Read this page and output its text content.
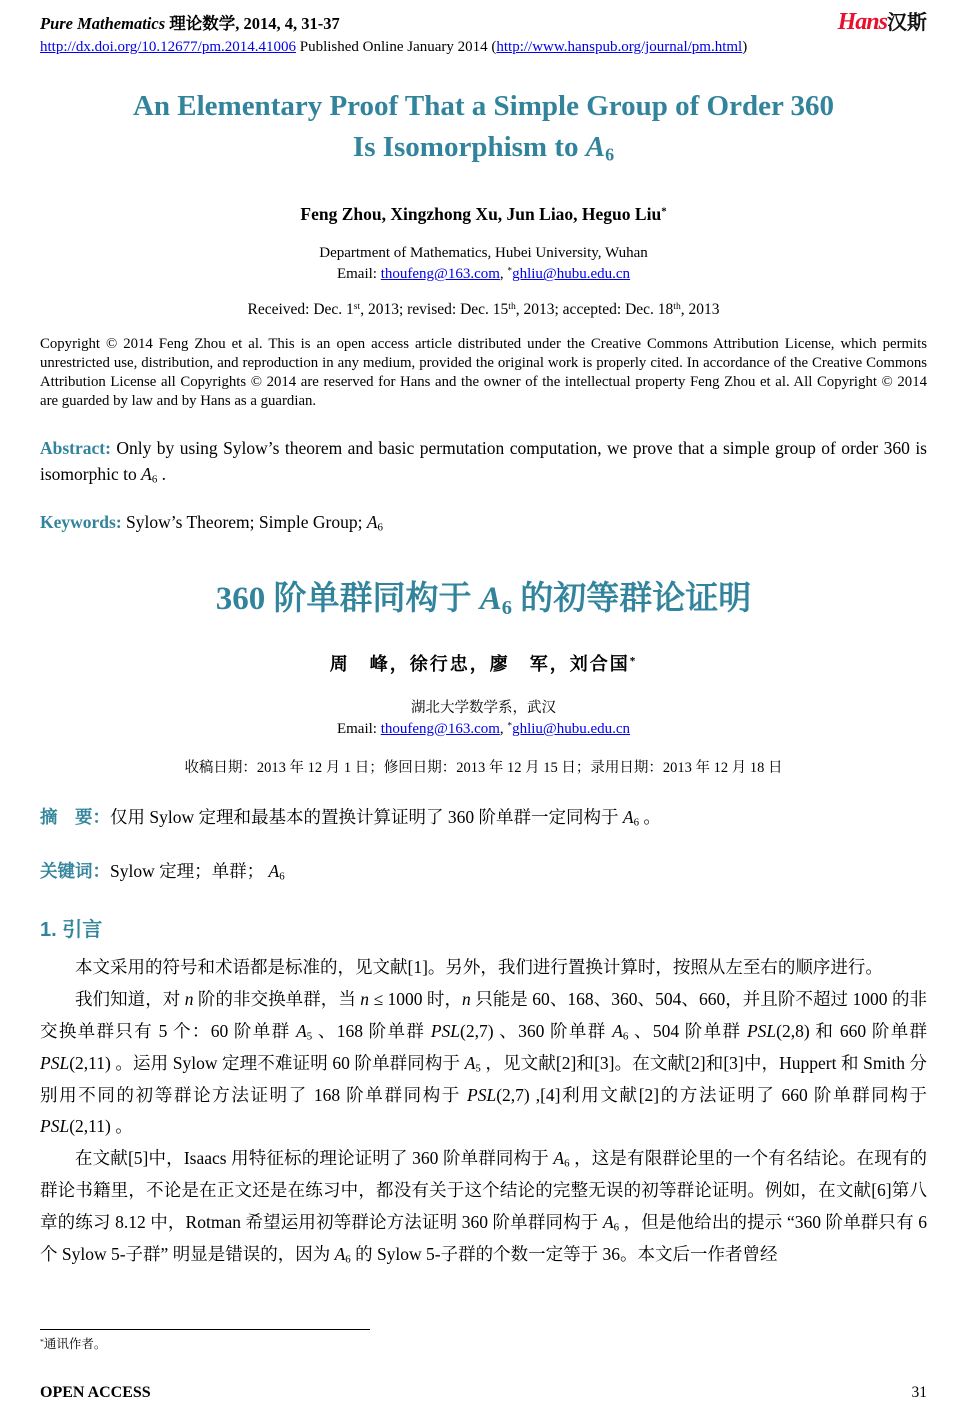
Pure Mathematics 理论数学, 2014, 4, 31-37
http://dx.doi.org/10.12677/pm.2014.41006 Published Online January 2014 (http://www.hanspub.org/journal/pm.html)
Hans汉斯
An Elementary Proof That a Simple Group of Order 360
Is Isomorphism to A6
Feng Zhou, Xingzhong Xu, Jun Liao, Heguo Liu*
Department of Mathematics, Hubei University, Wuhan
Email: thoufeng@163.com, *ghliu@hubu.edu.cn
Received: Dec. 1st, 2013; revised: Dec. 15th, 2013; accepted: Dec. 18th, 2013
Copyright © 2014 Feng Zhou et al. This is an open access article distributed under the Creative Commons Attribution License, which permits unrestricted use, distribution, and reproduction in any medium, provided the original work is properly cited. In accordance of the Creative Commons Attribution License all Copyrights © 2014 are reserved for Hans and the owner of the intellectual property Feng Zhou et al. All Copyright © 2014 are guarded by law and by Hans as a guardian.
Abstract: Only by using Sylow’s theorem and basic permutation computation, we prove that a simple group of order 360 is isomorphic to A6 .
Keywords: Sylow’s Theorem; Simple Group; A6
360 阶单群同构于 A6 的初等群论证明
周　峰，徐行忠，廖　军，刘合国*
湖北大学数学系，武汉
Email: thoufeng@163.com, *ghliu@hubu.edu.cn
收稿日期：2013 年 12 月 1 日；修回日期：2013 年 12 月 15 日；录用日期：2013 年 12 月 18 日
摘　要：仅用 Sylow 定理和最基本的置换计算证明了 360 阶单群一定同构于 A6 。
关键词：Sylow 定理；单群； A6
1. 引言

本文采用的符号和术语都是标准的，见文献[1]。另外，我们进行置换计算时，按照从左至右的顺序进行。

我们知道，对 n 阶的非交换单群，当 n ≤ 1000 时，n 只能是 60、168、360、504、660，并且阶不超过 1000 的非交换单群只有 5 个：60 阶单群 A5 、168 阶单群 PSL(2,7) 、360 阶单群 A6 、504 阶单群 PSL(2,8) 和 660 阶单群 PSL(2,11) 。运用 Sylow 定理不难证明 60 阶单群同构于 A5 ，见文献[2]和[3]。在文献[2]和[3]中，Huppert 和 Smith 分别用不同的初等群论方法证明了 168 阶单群同构于 PSL(2,7) ,[4]利用文献[2]的方法证明了 660 阶单群同构于 PSL(2,11) 。

在文献[5]中，Isaacs 用特征标的理论证明了 360 阶单群同构于 A6 ，这是有限群论里的一个有名结论。在现有的群论书籍里，不论是在正文还是在练习中，都没有关于这个结论的完整无误的初等群论证明。例如，在文献[6]第八章的练习 8.12 中，Rotman 希望运用初等群论方法证明 360 阶单群同构于 A6 ，但是他给出的提示 “360 阶单群只有 6 个 Sylow 5-子群” 明显是错误的，因为 A6 的 Sylow 5-子群的个数一定等于 36。本文后一作者曾经

*通讯作者。
OPEN ACCESS	31
